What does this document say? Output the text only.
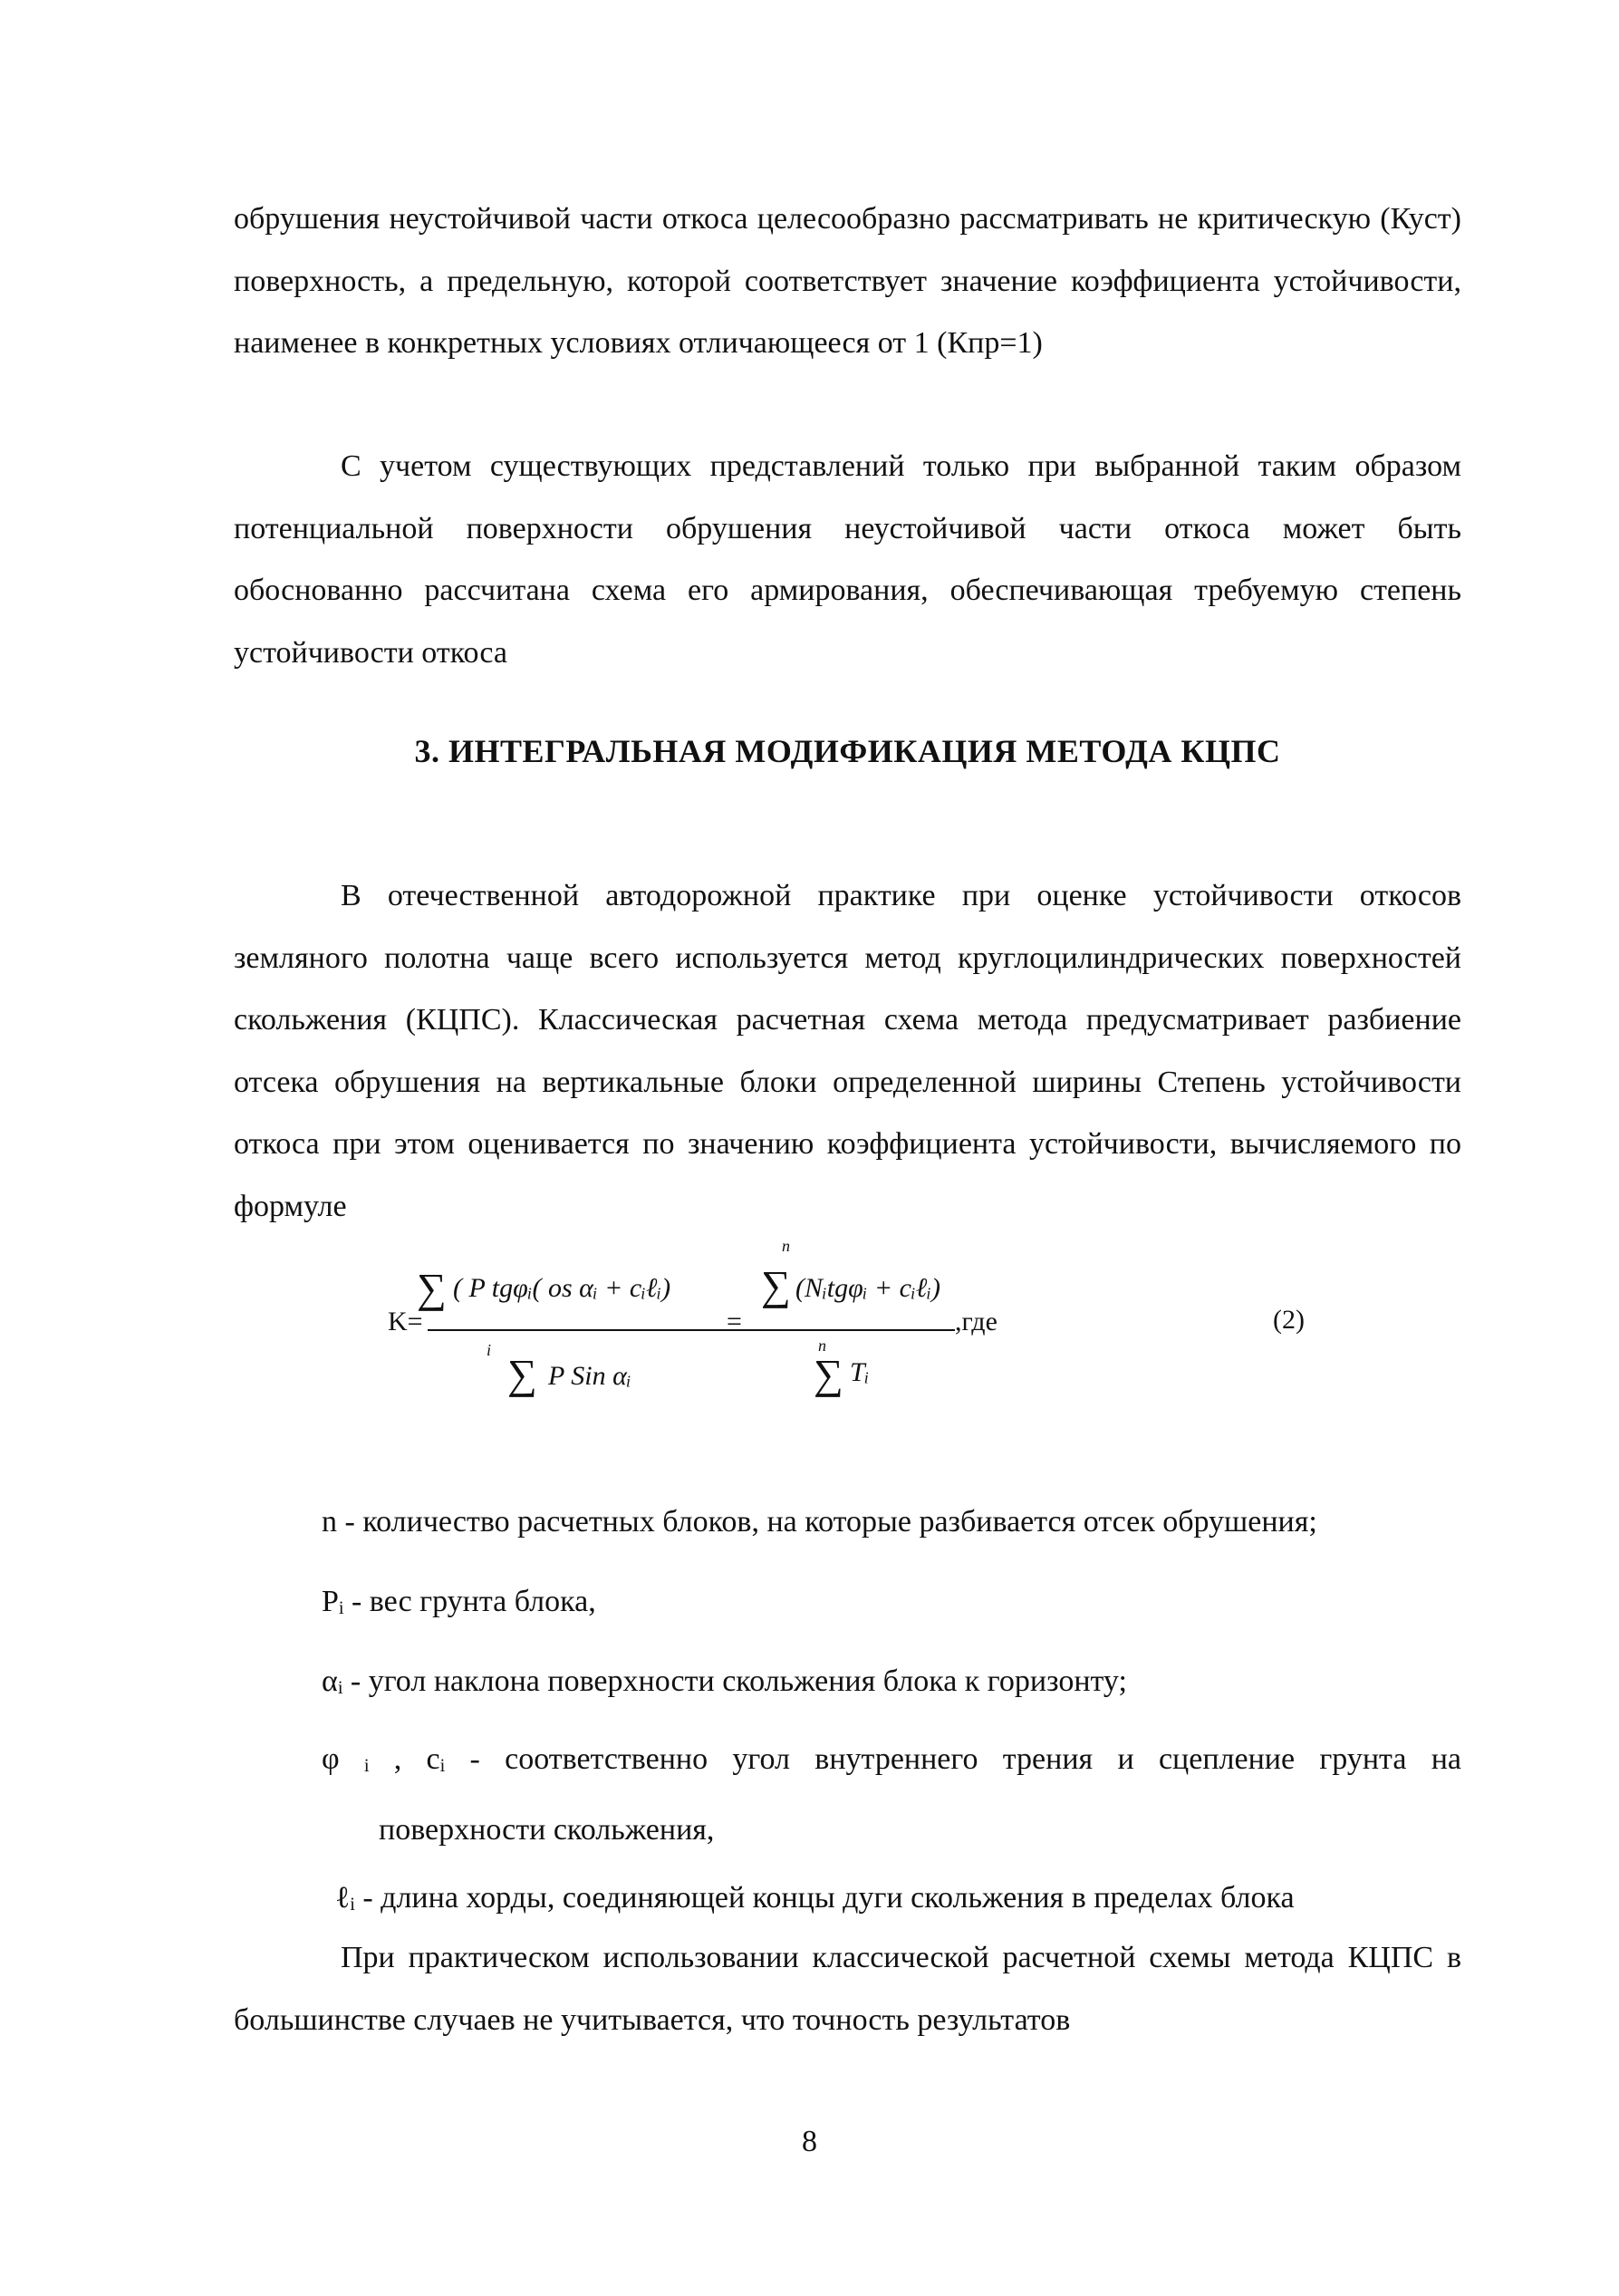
обрушения неустойчивой части откоса целесообразно рассматривать не критическую (Куст) поверхность, а предельную, которой соответствует значение коэффициента устойчивости, наименее в конкретных условиях отличающееся от 1 (Кпр=1)
С учетом существующих представлений только при выбранной таким образом потенциальной поверхности обрушения неустойчивой части откоса может быть обоснованно рассчитана схема его армирования, обеспечивающая требуемую степень устойчивости откоса
3. ИНТЕГРАЛЬНАЯ МОДИФИКАЦИЯ МЕТОДА КЦПС
В отечественной автодорожной практике при оценке устойчивости откосов земляного полотна чаще всего используется метод круглоцилиндрических поверхностей скольжения (КЦПС). Классическая расчетная схема метода предусматривает разбиение отсека обрушения на вертикальные блоки определенной ширины Степень устойчивости откоса при этом оценивается по значению коэффициента устойчивости, вычисляемого по формуле
K=
∑ ( P tgφᵢ( os αᵢ + cᵢℓᵢ)
i
∑ P Sin αᵢ
=
n
∑ (Nᵢtgφᵢ + cᵢℓᵢ)
n
∑ Tᵢ
,где	(2)
n - количество расчетных блоков, на которые разбивается отсек обрушения;
Pᵢ - вес грунта блока,
αᵢ - угол наклона поверхности скольжения блока к горизонту;
φ ᵢ , cᵢ - соответственно угол внутреннего трения и сцепление грунта на
поверхности скольжения,
ℓᵢ - длина хорды, соединяющей концы дуги скольжения в пределах блока
При практическом использовании классической расчетной схемы метода КЦПС в большинстве случаев не учитывается, что точность результатов
8
